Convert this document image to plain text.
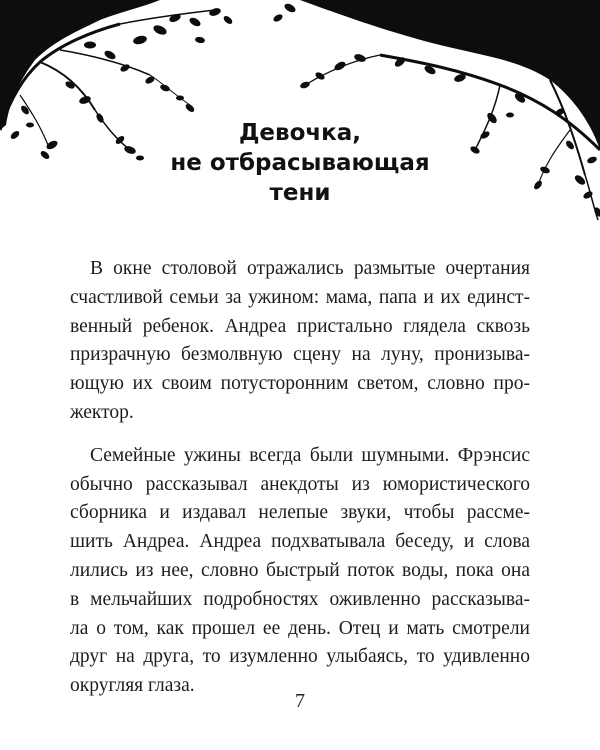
Девочка,
не отбрасывающая
тени
В окне столовой отражались размытые очертания
счастливой семьи за ужином: мама, папа и их единст-
венный ребенок. Андреа пристально глядела сквозь
призрачную безмолвную сцену на луну, пронизыва-
ющую их своим потусторонним светом, словно про-
жектор.
Семейные ужины всегда были шумными. Фрэнсис
обычно рассказывал анекдоты из юмористического
сборника и издавал нелепые звуки, чтобы рассме-
шить Андреа. Андреа подхватывала беседу, и слова
лились из нее, словно быстрый поток воды, пока она
в мельчайших подробностях оживленно рассказыва-
ла о том, как прошел ее день. Отец и мать смотрели
друг на друга, то изумленно улыбаясь, то удивленно
округляя глаза.
7
